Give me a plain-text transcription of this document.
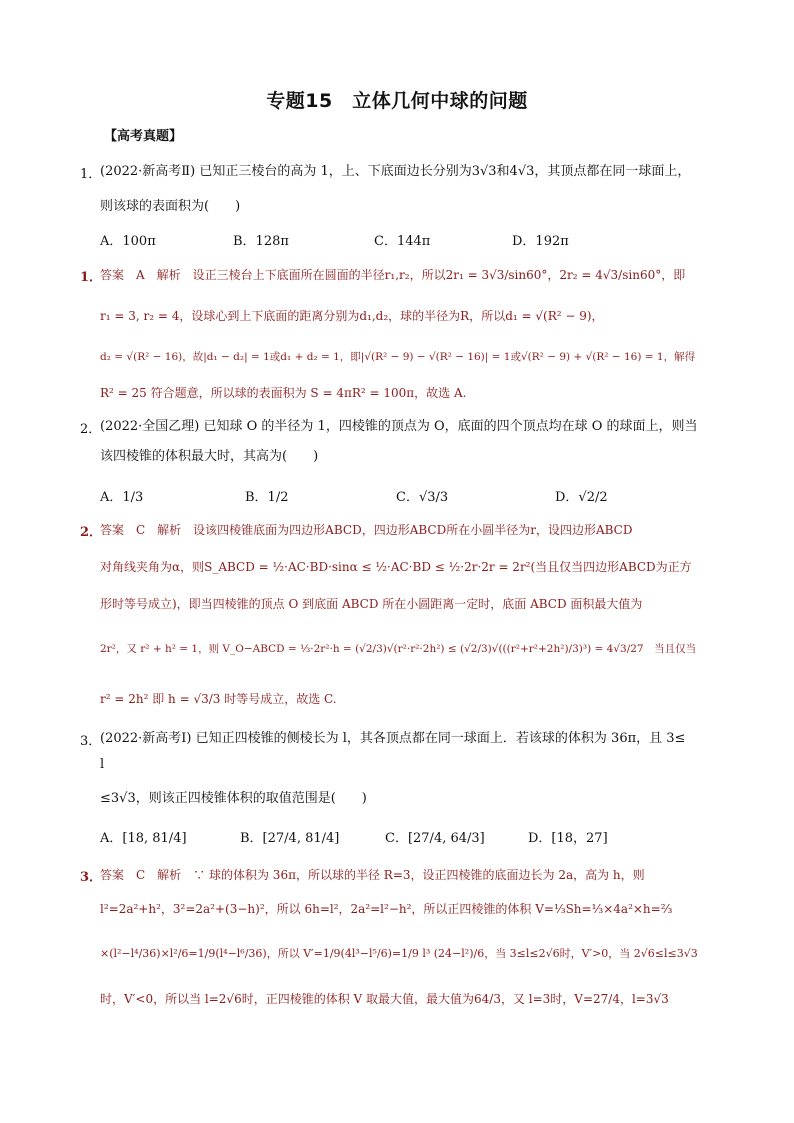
专题15　立体几何中球的问题
【高考真题】
1．
(2022·新高考Ⅱ) 已知正三棱台的高为 1，上、下底面边长分别为3√3和4√3，其顶点都在同一球面上，
则该球的表面积为(　　)
A．100π	B．128π	C．144π	D．192π
1．
答案　A　解析　设正三棱台上下底面所在圆面的半径r₁,r₂，所以2r₁ = 3√3/sin60°，2r₂ = 4√3/sin60°，即
r₁ = 3, r₂ = 4，设球心到上下底面的距离分别为d₁,d₂，球的半径为R，所以d₁ = √(R² − 9)，
d₂ = √(R² − 16)，故|d₁ − d₂| = 1或d₁ + d₂ = 1，即|√(R² − 9) − √(R² − 16)| = 1或√(R² − 9) + √(R² − 16) = 1，解得
R² = 25 符合题意，所以球的表面积为 S = 4πR² = 100π，故选 A.
2．
(2022·全国乙理) 已知球 O 的半径为 1，四棱锥的顶点为 O，底面的四个顶点均在球 O 的球面上，则当
该四棱锥的体积最大时，其高为(　　)
A．1/3	B．1/2	C．√3/3	D．√2/2
2．
答案　C　解析　设该四棱锥底面为四边形ABCD，四边形ABCD所在小圆半径为r，设四边形ABCD
对角线夹角为α，则S_ABCD = ½·AC·BD·sinα ≤ ½·AC·BD ≤ ½·2r·2r = 2r²(当且仅当四边形ABCD为正方
形时等号成立)，即当四棱锥的顶点 O 到底面 ABCD 所在小圆距离一定时，底面 ABCD 面积最大值为
2r²，又 r² + h² = 1，则 V_O−ABCD = ⅓·2r²·h = (√2/3)√(r²·r²·2h²) ≤ (√2/3)√(((r²+r²+2h²)/3)³) = 4√3/27　当且仅当
r² = 2h² 即 h = √3/3 时等号成立，故选 C.
3．
(2022·新高考Ⅰ) 已知正四棱锥的侧棱长为 l，其各顶点都在同一球面上．若该球的体积为 36π，且 3≤
l
≤3√3，则该正四棱锥体积的取值范围是(　　)
A．[18, 81/4]	B．[27/4, 81/4]	C．[27/4, 64/3]	D．[18，27]
3．
答案　C　解析　∵ 球的体积为 36π，所以球的半径 R=3，设正四棱锥的底面边长为 2a，高为 h，则
l²=2a²+h²，3²=2a²+(3−h)²，所以 6h=l²，2a²=l²−h²，所以正四棱锥的体积 V=⅓Sh=⅓×4a²×h=⅔
×(l²−l⁴/36)×l²/6=1/9(l⁴−l⁶/36)，所以 V′=1/9(4l³−l⁵/6)=1/9 l³ (24−l²)/6，当 3≤l≤2√6时，V′>0，当 2√6≤l≤3√3
时，V′<0，所以当 l=2√6时，正四棱锥的体积 V 取最大值，最大值为64/3，又 l=3时，V=27/4，l=3√3
